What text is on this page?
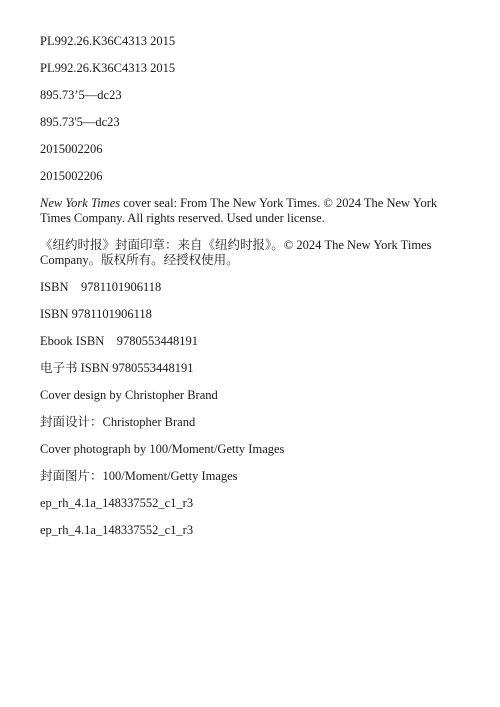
PL992.26.K36C4313 2015

PL992.26.K36C4313 2015

895.73’5—dc23

895.73'5—dc23

2015002206

2015002206

New York Times cover seal: From The New York Times. © 2024 The New York Times Company. All rights reserved. Used under license.

《纽约时报》封面印章：来自《纽约时报》。© 2024 The New York Times Company。版权所有。经授权使用。

ISBN    9781101906118

ISBN 9781101906118

Ebook ISBN    9780553448191

电子书 ISBN 9780553448191

Cover design by Christopher Brand

封面设计：Christopher Brand

Cover photograph by 100/Moment/Getty Images

封面图片：100/Moment/Getty Images

ep_rh_4.1a_148337552_c1_r3

ep_rh_4.1a_148337552_c1_r3
